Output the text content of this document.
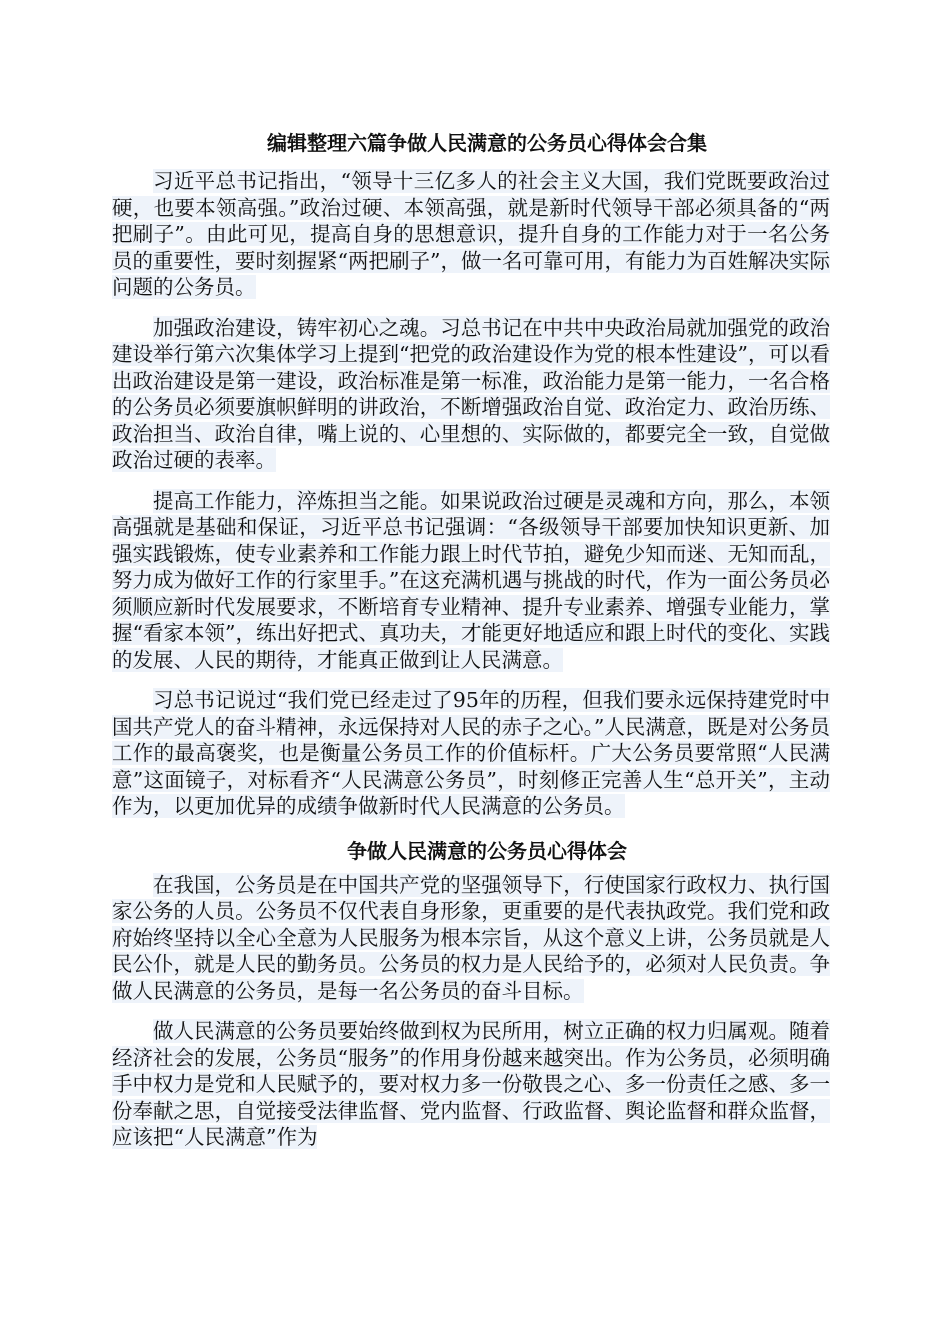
编辑整理六篇争做人民满意的公务员心得体会合集

习近平总书记指出，“领导十三亿多人的社会主义大国，我们党既要政治过硬，也要本领高强。”政治过硬、本领高强，就是新时代领导干部必须具备的“两把刷子”。由此可见，提高自身的思想意识，提升自身的工作能力对于一名公务员的重要性，要时刻握紧“两把刷子”，做一名可靠可用，有能力为百姓解决实际问题的公务员。

加强政治建设，铸牢初心之魂。习总书记在中共中央政治局就加强党的政治建设举行第六次集体学习上提到“把党的政治建设作为党的根本性建设”，可以看出政治建设是第一建设，政治标准是第一标准，政治能力是第一能力，一名合格的公务员必须要旗帜鲜明的讲政治，不断增强政治自觉、政治定力、政治历练、政治担当、政治自律，嘴上说的、心里想的、实际做的，都要完全一致，自觉做政治过硬的表率。

提高工作能力，淬炼担当之能。如果说政治过硬是灵魂和方向，那么，本领高强就是基础和保证，习近平总书记强调：“各级领导干部要加快知识更新、加强实践锻炼，使专业素养和工作能力跟上时代节拍，避免少知而迷、无知而乱，努力成为做好工作的行家里手。”在这充满机遇与挑战的时代，作为一面公务员必须顺应新时代发展要求，不断培育专业精神、提升专业素养、增强专业能力，掌握“看家本领”，练出好把式、真功夫，才能更好地适应和跟上时代的变化、实践的发展、人民的期待，才能真正做到让人民满意。

习总书记说过“我们党已经走过了95年的历程，但我们要永远保持建党时中国共产党人的奋斗精神，永远保持对人民的赤子之心。”人民满意，既是对公务员工作的最高褒奖，也是衡量公务员工作的价值标杆。广大公务员要常照“人民满意”这面镜子，对标看齐“人民满意公务员”，时刻修正完善人生“总开关”，主动作为，以更加优异的成绩争做新时代人民满意的公务员。

争做人民满意的公务员心得体会

在我国，公务员是在中国共产党的坚强领导下，行使国家行政权力、执行国家公务的人员。公务员不仅代表自身形象，更重要的是代表执政党。我们党和政府始终坚持以全心全意为人民服务为根本宗旨，从这个意义上讲，公务员就是人民公仆，就是人民的勤务员。公务员的权力是人民给予的，必须对人民负责。争做人民满意的公务员，是每一名公务员的奋斗目标。

做人民满意的公务员要始终做到权为民所用，树立正确的权力归属观。随着经济社会的发展，公务员“服务”的作用身份越来越突出。作为公务员，必须明确手中权力是党和人民赋予的，要对权力多一份敬畏之心、多一份责任之感、多一份奉献之思，自觉接受法律监督、党内监督、行政监督、舆论监督和群众监督，应该把“人民满意”作为
